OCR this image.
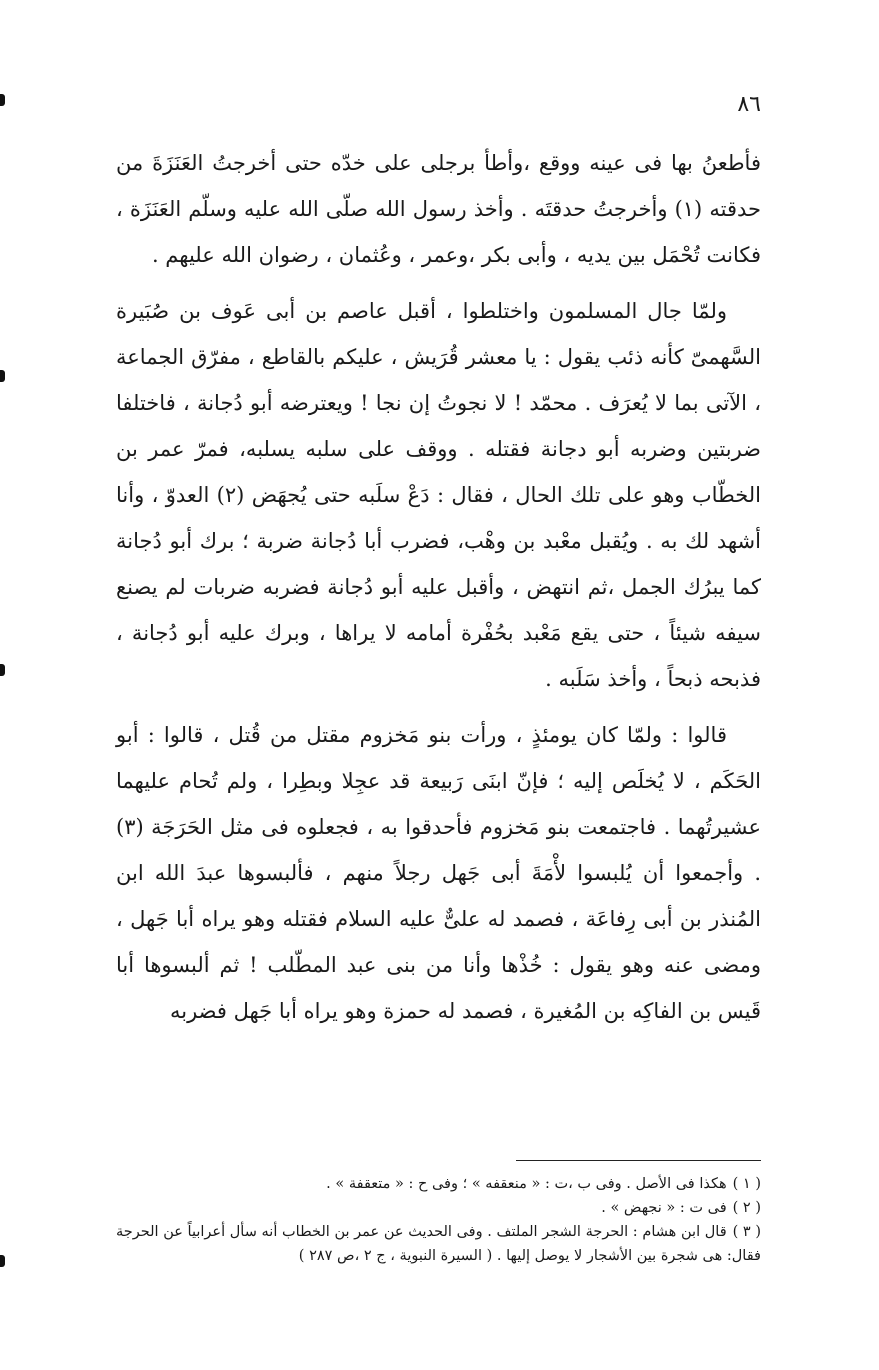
٨٦

فأطعنُ بها فى عينه ووقع ،وأطأ برجلى على خدّه حتى أخرجتُ العَنَزَةَ من حدقته (١) وأخرجتُ حدقتَه . وأخذ رسول الله صلّى الله عليه وسلّم العَنَزَة ، فكانت تُحْمَل بين يديه ، وأبى بكر ،وعمر ، وعُثمان ، رضوان الله عليهم .

ولمّا جال المسلمون واختلطوا ، أقبل عاصم بن أبى عَوف بن صُبَيرة السَّهمىّ كأنه ذئب يقول : يا معشر قُرَيش ، عليكم بالقاطع ، مفرّق الجماعة ، الآتى بما لا يُعرَف . محمّد ! لا نجوتُ إن نجا ! ويعترضه أبو دُجانة ، فاختلفا ضربتين وضربه أبو دجانة فقتله . ووقف على سلبه يسلبه، فمرّ عمر بن الخطّاب وهو على تلك الحال ، فقال : دَعْ سلَبه حتى يُجهَض (٢) العدوّ ، وأنا أشهد لك به . ويُقبل معْبد بن وهْب، فضرب أبا دُجانة ضربة ؛ برك أبو دُجانة كما يبرُك الجمل ،ثم انتهض ، وأقبل عليه أبو دُجانة فضربه ضربات لم يصنع سيفه شيئاً ، حتى يقع مَعْبد بحُفْرة أمامه لا يراها ، وبرك عليه أبو دُجانة ، فذبحه ذبحاً ، وأخذ سَلَبه .

قالوا : ولمّا كان يومئذٍ ، ورأت بنو مَخزوم مقتل من قُتل ، قالوا : أبو الحَكَم ، لا يُخلَص إليه ؛ فإنّ ابنَى رَبيعة قد عجِلا وبطِرا ، ولم تُحام عليهما عشيرتُهما . فاجتمعت بنو مَخزوم فأحدقوا به ، فجعلوه فى مثل الحَرَجَة (٣) . وأجمعوا أن يُلبسوا لأْمَةَ أبى جَهل رجلاً منهم ، فألبسوها عبدَ الله ابن المُنذر بن أبى رِفاعَة ، فصمد له علىٌّ عليه السلام فقتله وهو يراه أبا جَهل ، ومضى عنه وهو يقول : خُذْها وأنا من بنى عبد المطّلب ! ثم ألبسوها أبا قَيس بن الفاكِه بن المُغيرة ، فصمد له حمزة وهو يراه أبا جَهل فضربه

( ١ )هكذا فى الأصل . وفى ب ،ت : « منعقفه » ؛ وفى ح : « متعقفة » .

( ٢ )فى ت : « نجهض » .

( ٣ )قال ابن هشام : الحرجة الشجر الملتف . وفى الحديث عن عمر بن الخطاب أنه سأل أعرابياً عن الحرجة فقال: هى شجرة بين الأشجار لا يوصل إليها . ( السيرة النبوية ، ج ٢ ،ص ٢٨٧ )
